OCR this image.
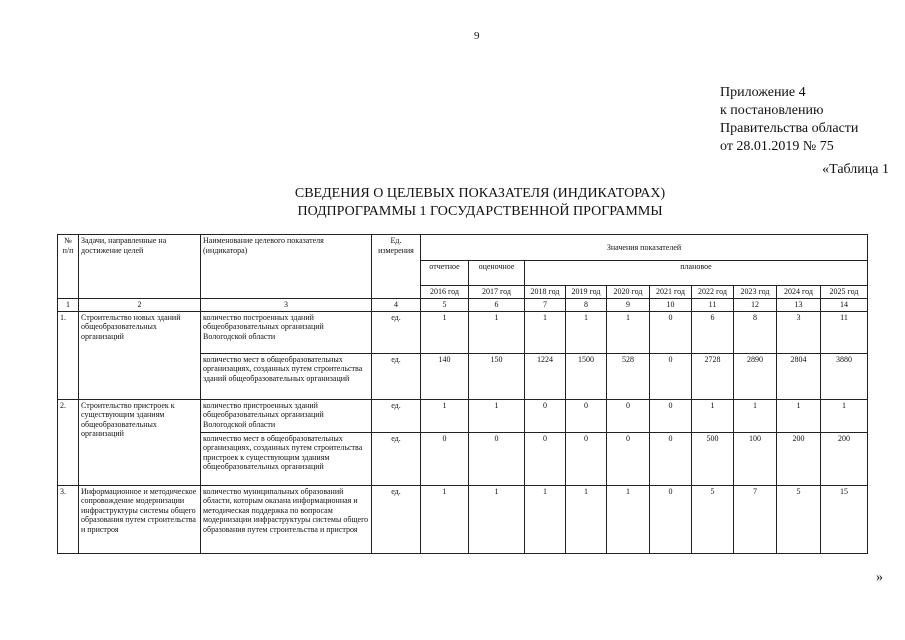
9
Приложение 4
к постановлению
Правительства области
от 28.01.2019 № 75
«Таблица 1
СВЕДЕНИЯ О ЦЕЛЕВЫХ ПОКАЗАТЕЛЯ (ИНДИКАТОРАХ)
ПОДПРОГРАММЫ 1 ГОСУДАРСТВЕННОЙ ПРОГРАММЫ
№ п/п	Задачи, направленные на достижение целей	Наименование целевого показателя (индикатора)	Ед. измерения	Значения показателей									
				отчетное	оценочное	плановое							
				2016 год	2017 год	2018 год	2019 год	2020 год	2021 год	2022 год	2023 год	2024 год	2025 год
1	2	3	4	5	6	7	8	9	10	11	12	13	14
1.	Строительство новых зданий общеобразовательных организаций	количество построенных зданий общеобразовательных организаций Вологодской области	ед.	1	1	1	1	1	0	6	8	3	11
		количество мест в общеобразовательных организациях, созданных путем строительства зданий общеобразовательных организаций	ед.	140	150	1224	1500	528	0	2728	2890	2804	3880
2.	Строительство пристроек к существующим зданиям общеобразовательных организаций	количество пристроенных зданий общеобразовательных организаций Вологодской области	ед.	1	1	0	0	0	0	1	1	1	1
		количество мест в общеобразовательных организациях, созданных путем строительства пристроек к существующим зданиям общеобразовательных организаций	ед.	0	0	0	0	0	0	500	100	200	200
3.	Информационное и методическое сопровождение модернизации инфраструктуры системы общего образования путем строительства и пристроя	количество муниципальных образований области, которым оказана информационная и методическая поддержка по вопросам модернизации инфраструктуры системы общего образования путем строительства и пристроя	ед.	1	1	1	1	1	0	5	7	5	15
»
